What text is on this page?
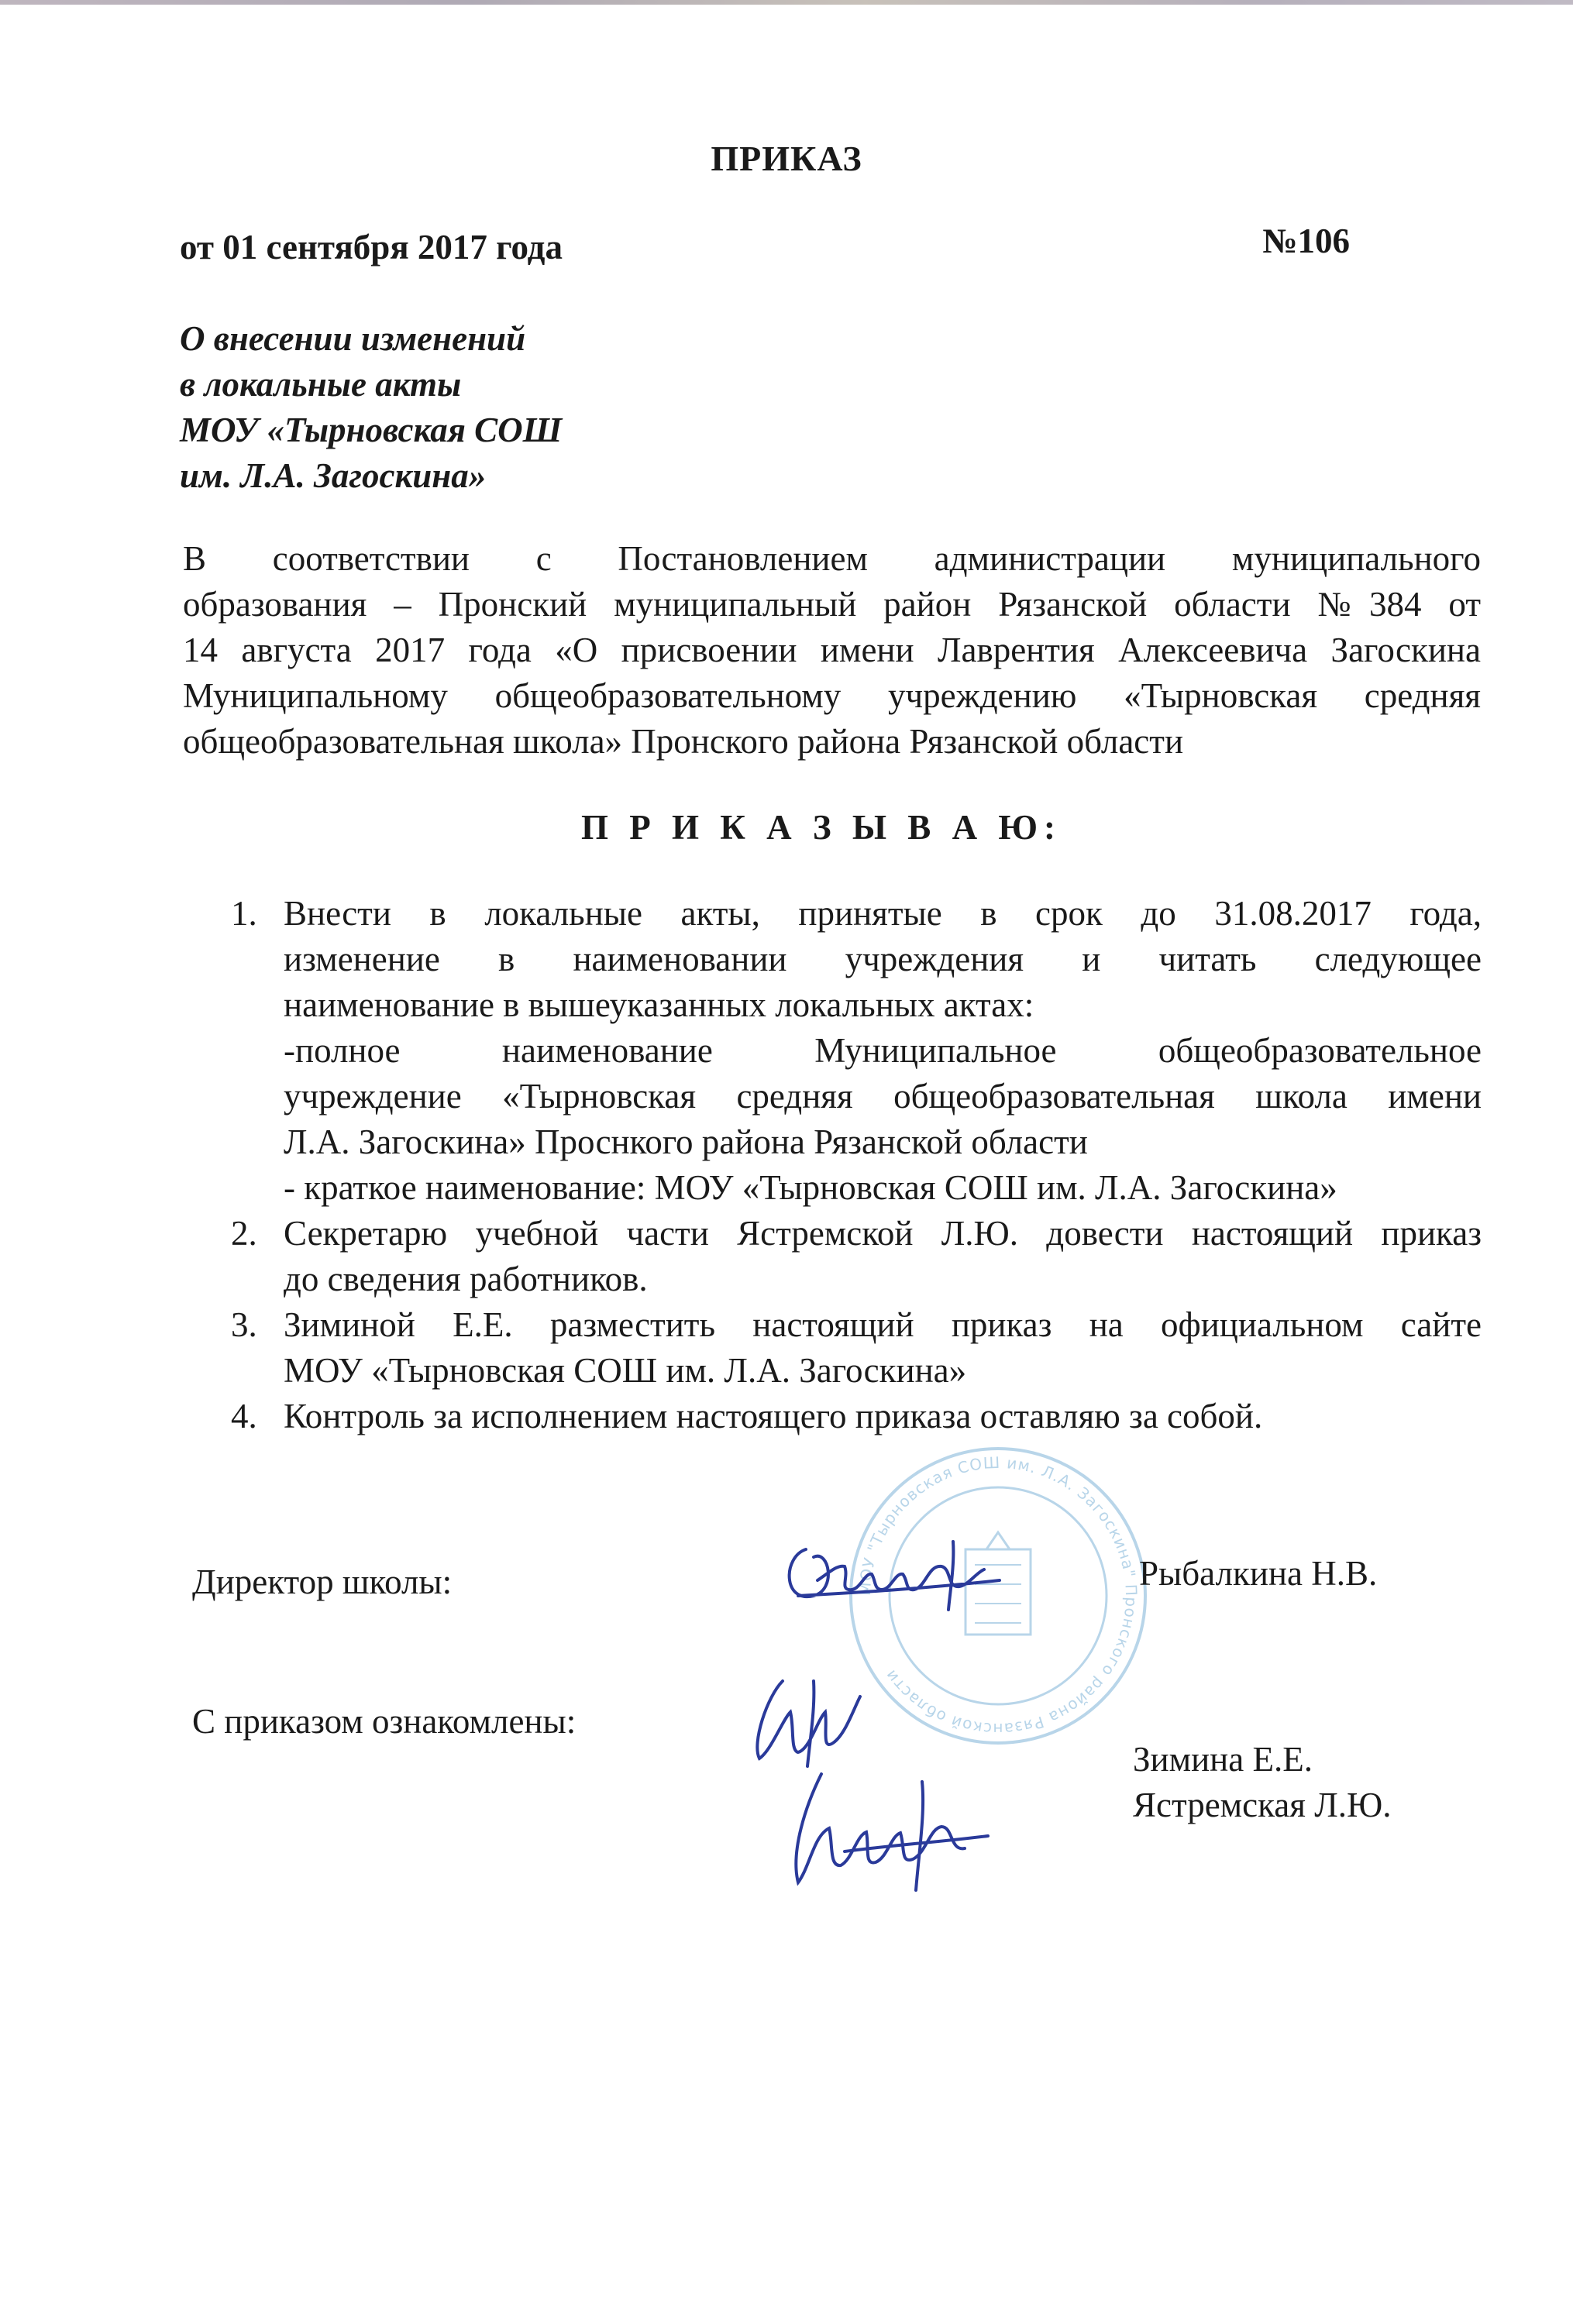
ПРИКАЗ
от 01 сентября 2017 года	№106
О внесении изменений
в локальные акты
МОУ «Тырновская СОШ
им. Л.А. Загоскина»
В соответствии с Постановлением администрации муниципального
образования – Пронский муниципальный район Рязанской области №384 от
14 августа 2017 года «О присвоении имени Лаврентия Алексеевича Загоскина
Муниципальному общеобразовательному учреждению «Тырновская средняя
общеобразовательная школа» Пронского района Рязанской области
П Р И К А З Ы В А Ю:
1. Внести в локальные акты, принятые в срок до 31.08.2017 года,
изменение в наименовании учреждения и читать следующее
наименование в вышеуказанных локальных актах:
-полное наименование Муниципальное общеобразовательное
учреждение «Тырновская средняя общеобразовательная школа имени
Л.А. Загоскина» Проснкого района Рязанской области
- краткое наименование: МОУ «Тырновская СОШ им. Л.А. Загоскина»
2. Секретарю учебной части Ястремской Л.Ю. довести настоящий приказ
до сведения работников.
3. Зиминой Е.Е. разместить настоящий приказ на официальном сайте
МОУ «Тырновская СОШ им. Л.А. Загоскина»
4. Контроль за исполнением настоящего приказа оставляю за собой.
МОУ "Тырновская СОШ им. Л.А. Загоскина" Пронского района Рязанской области
Директор школы:	Рыбалкина Н.В.
С приказом ознакомлены:
Зимина Е.Е.
Ястремская Л.Ю.
